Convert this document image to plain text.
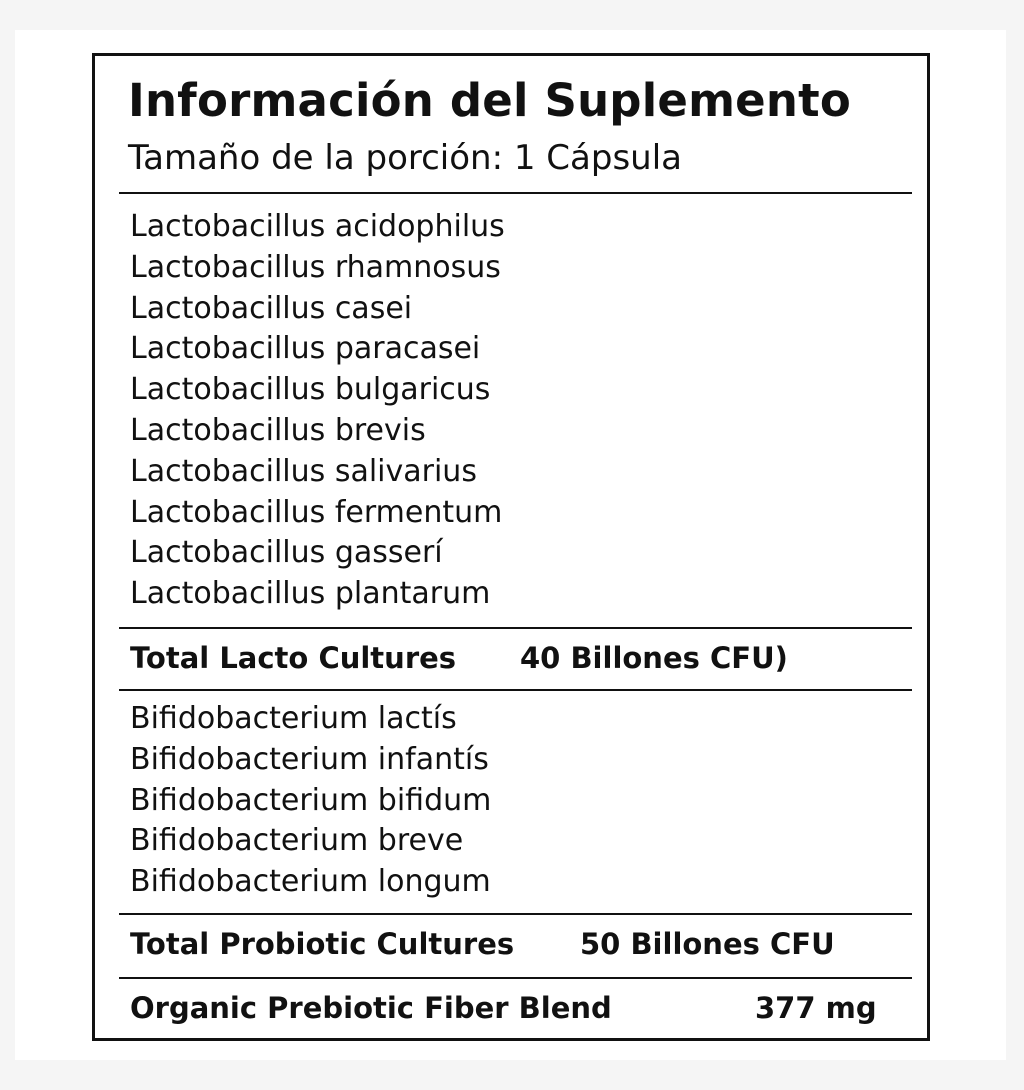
Información del Suplemento
Tamaño de la porción: 1 Cápsula
Lactobacillus acidophilus
Lactobacillus rhamnosus
Lactobacillus casei
Lactobacillus paracasei
Lactobacillus bulgaricus
Lactobacillus brevis
Lactobacillus salivarius
Lactobacillus fermentum
Lactobacillus gasserí
Lactobacillus plantarum
Total Lacto Cultures 40 Billones CFU)
Bifidobacterium lactís
Bifidobacterium infantís
Bifidobacterium bifidum
Bifidobacterium breve
Bifidobacterium longum
Total Probiotic Cultures 50 Billones CFU
Organic Prebiotic Fiber Blend	377 mg
